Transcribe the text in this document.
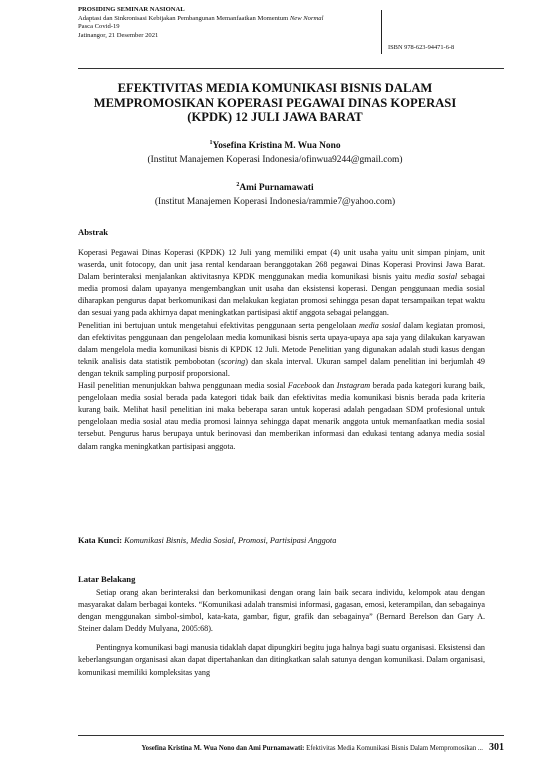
PROSIDING SEMINAR NASIONAL
Adaptasi dan Sinkronisasi Kebijakan Pembangunan Memanfaatkan Momentum New Normal
Pasca Covid-19
Jatinangor, 21 Desember 2021
ISBN 978-623-94471-6-8
EFEKTIVITAS MEDIA KOMUNIKASI BISNIS DALAM
MEMPROMOSIKAN KOPERASI PEGAWAI DINAS KOPERASI
(KPDK) 12 JULI JAWA BARAT
$^1$Yosefina Kristina M. Wua Nono
(Institut Manajemen Koperasi Indonesia/ofinwua9244@gmail.com)
$^2$Ami Purnamawati
(Institut Manajemen Koperasi Indonesia/rammie7@yahoo.com)
Abstrak

Koperasi Pegawai Dinas Koperasi (KPDK) 12 Juli yang memiliki empat (4) unit usaha yaitu unit simpan pinjam, unit waserda, unit fotocopy, dan unit jasa rental kendaraan beranggotakan 268 pegawai Dinas Koperasi Provinsi Jawa Barat. Dalam berinteraksi menjalankan aktivitasnya KPDK menggunakan media komunikasi bisnis yaitu media sosial sebagai media promosi dalam upayanya mengembangkan unit usaha dan eksistensi koperasi. Dengan penggunaan media sosial diharapkan pengurus dapat berkomunikasi dan melakukan kegiatan promosi sehingga pesan dapat tersampaikan tepat waktu dan sesuai yang pada akhirnya dapat meningkatkan partisipasi aktif anggota sebagai pelanggan.

Penelitian ini bertujuan untuk mengetahui efektivitas penggunaan serta pengelolaan media sosial dalam kegiatan promosi, dan efektivitas penggunaan dan pengelolaan media komunikasi bisnis serta upaya-upaya apa saja yang dilakukan karyawan dalam mengelola media komunikasi bisnis di KPDK 12 Juli. Metode Penelitian yang digunakan adalah studi kasus dengan teknik analisis data statistik pembobotan (scoring) dan skala interval. Ukuran sampel dalam penelitian ini berjumlah 49 dengan teknik sampling purposif proporsional.

Hasil penelitian menunjukkan bahwa penggunaan media sosial Facebook dan Instagram berada pada kategori kurang baik, pengelolaan media sosial berada pada kategori tidak baik dan efektivitas media komunikasi bisnis berada pada kriteria kurang baik. Melihat hasil penelitian ini maka beberapa saran untuk koperasi adalah pengadaan SDM profesional untuk pengelolaan media sosial atau media promosi lainnya sehingga dapat menarik anggota untuk memanfaatkan media sosial tersebut. Pengurus harus berupaya untuk berinovasi dan memberikan informasi dan edukasi tentang adanya media sosial dalam rangka meningkatkan partisipasi anggota.

Kata Kunci: Komunikasi Bisnis, Media Sosial, Promosi, Partisipasi Anggota
Latar Belakang

Setiap orang akan berinteraksi dan berkomunikasi dengan orang lain baik secara individu, kelompok atau dengan masyarakat dalam berbagai konteks. “Komunikasi adalah transmisi informasi, gagasan, emosi, keterampilan, dan sebagainya dengan menggunakan simbol-simbol, kata-kata, gambar, figur, grafik dan sebagainya” (Bernard Berelson dan Gary A. Steiner dalam Deddy Mulyana, 2005:68).

Pentingnya komunikasi bagi manusia tidaklah dapat dipungkiri begitu juga halnya bagi suatu organisasi. Eksistensi dan keberlangsungan organisasi akan dapat dipertahankan dan ditingkatkan salah satunya dengan komunikasi. Dalam organisasi, komunikasi memiliki kompleksitas yang

Yosefina Kristina M. Wua Nono dan Ami Purnamawati: Efektivitas Media Komunikasi Bisnis Dalam Mempromosikan ... 301
